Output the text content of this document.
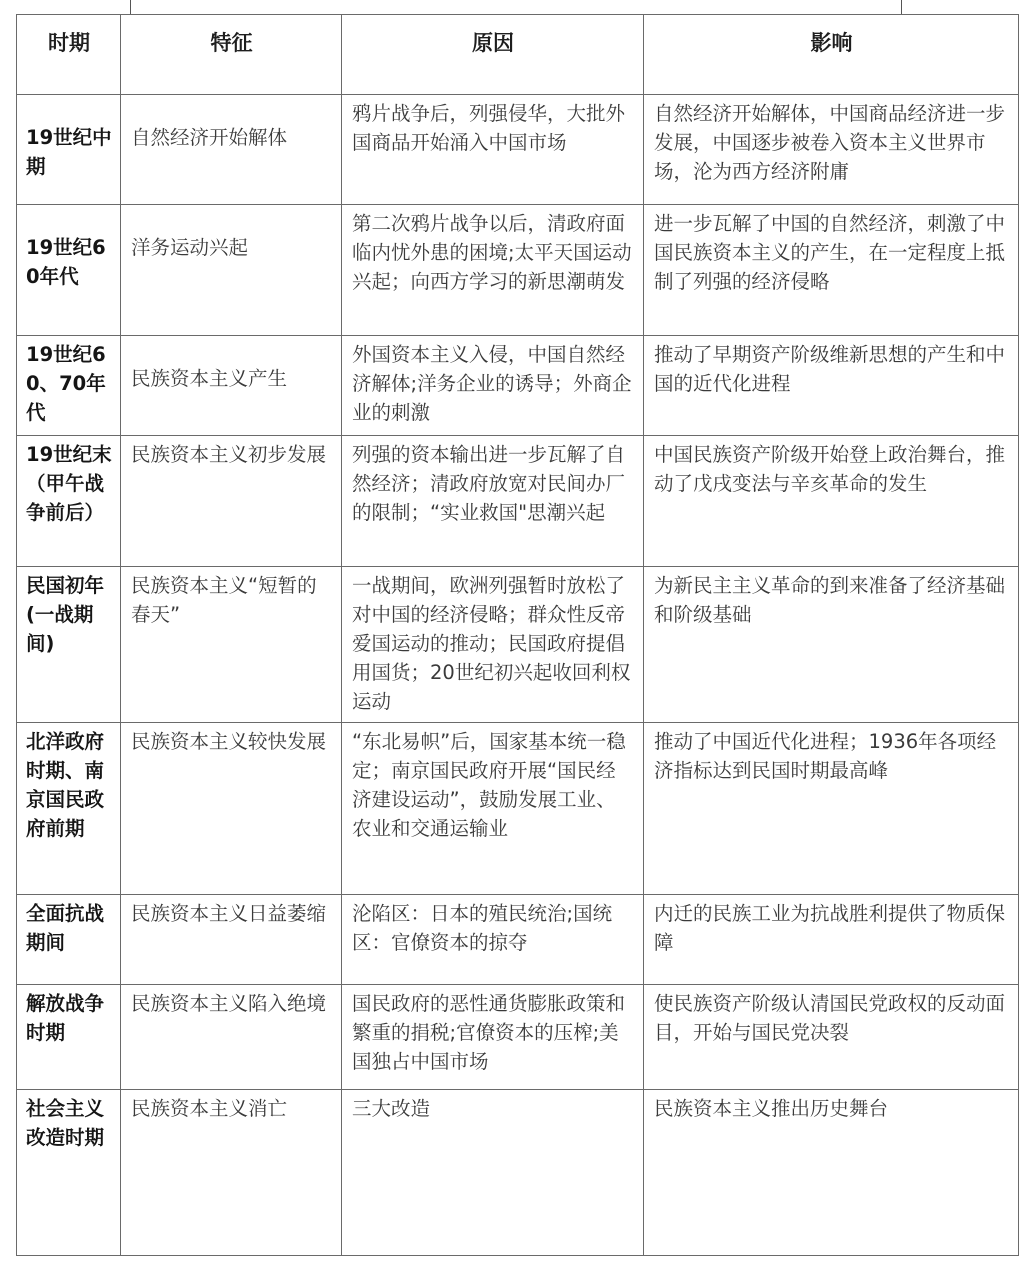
时期	特征	原因	影响
19世纪中期	自然经济开始解体	鸦片战争后，列强侵华，大批外国商品开始涌入中国市场	自然经济开始解体，中国商品经济进一步发展，中国逐步被卷入资本主义世界市场，沦为西方经济附庸
19世纪60年代	洋务运动兴起	第二次鸦片战争以后，清政府面临内忧外患的困境;太平天国运动兴起；向西方学习的新思潮萌发	进一步瓦解了中国的自然经济，刺激了中国民族资本主义的产生，在一定程度上抵制了列强的经济侵略
19世纪60、70年代	民族资本主义产生	外国资本主义入侵，中国自然经济解体;洋务企业的诱导；外商企业的刺激	推动了早期资产阶级维新思想的产生和中国的近代化进程
19世纪末（甲午战争前后）	民族资本主义初步发展	列强的资本输出进一步瓦解了自然经济；清政府放宽对民间办厂的限制；“实业救国"思潮兴起	中国民族资产阶级开始登上政治舞台，推动了戊戌变法与辛亥革命的发生
民国初年(一战期间)	民族资本主义“短暂的春天”	一战期间，欧洲列强暂时放松了对中国的经济侵略；群众性反帝爱国运动的推动；民国政府提倡用国货；20世纪初兴起收回利权运动	为新民主主义革命的到来准备了经济基础和阶级基础
北洋政府时期、南京国民政府前期	民族资本主义较快发展	“东北易帜”后，国家基本统一稳定；南京国民政府开展“国民经济建设运动”，鼓励发展工业、农业和交通运输业	推动了中国近代化进程；1936年各项经济指标达到民国时期最高峰
全面抗战期间	民族资本主义日益萎缩	沦陷区：日本的殖民统治;国统区：官僚资本的掠夺	内迁的民族工业为抗战胜利提供了物质保障
解放战争时期	民族资本主义陷入绝境	国民政府的恶性通货膨胀政策和繁重的捐税;官僚资本的压榨;美国独占中国市场	使民族资产阶级认清国民党政权的反动面目，开始与国民党决裂
社会主义改造时期	民族资本主义消亡	三大改造	民族资本主义推出历史舞台
